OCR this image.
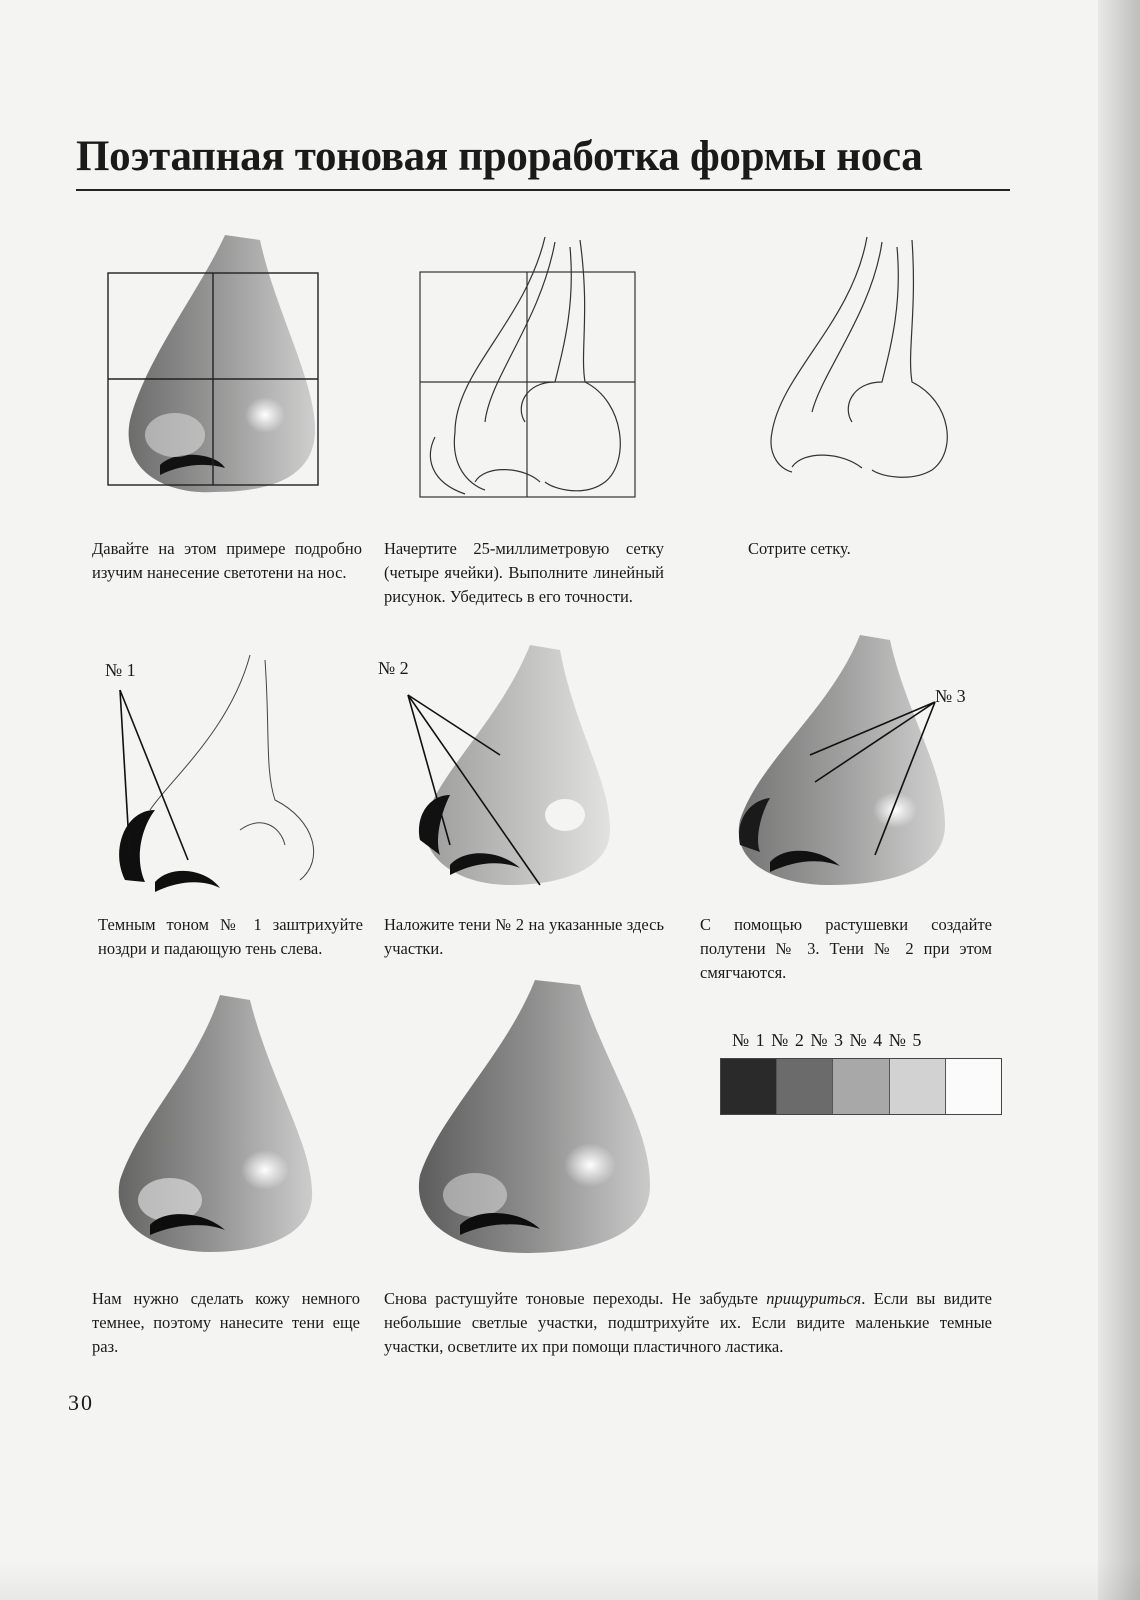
Поэтапная тоновая проработка формы носа
Давайте на этом примере подробно изучим нанесение светотени на нос.
Начертите 25-миллиметровую сетку (четыре ячейки). Выполните линейный рисунок. Убедитесь в его точности.
Сотрите сетку.
№ 1	№ 2
№ 3
Темным тоном № 1 заштрихуйте ноздри и падающую тень слева.
Наложите тени № 2 на указанные здесь участки.
С помощью растушевки создайте полутени № 3. Тени № 2 при этом смягчаются.
№ 1 № 2 № 3 № 4 № 5
Нам нужно сделать кожу немного темнее, поэтому нанесите тени еще раз.
Снова растушуйте тоновые переходы. Не забудьте прищуриться. Если вы видите небольшие светлые участки, подштрихуйте их. Если видите маленькие темные участки, осветлите их при помощи пластичного ластика.
30
